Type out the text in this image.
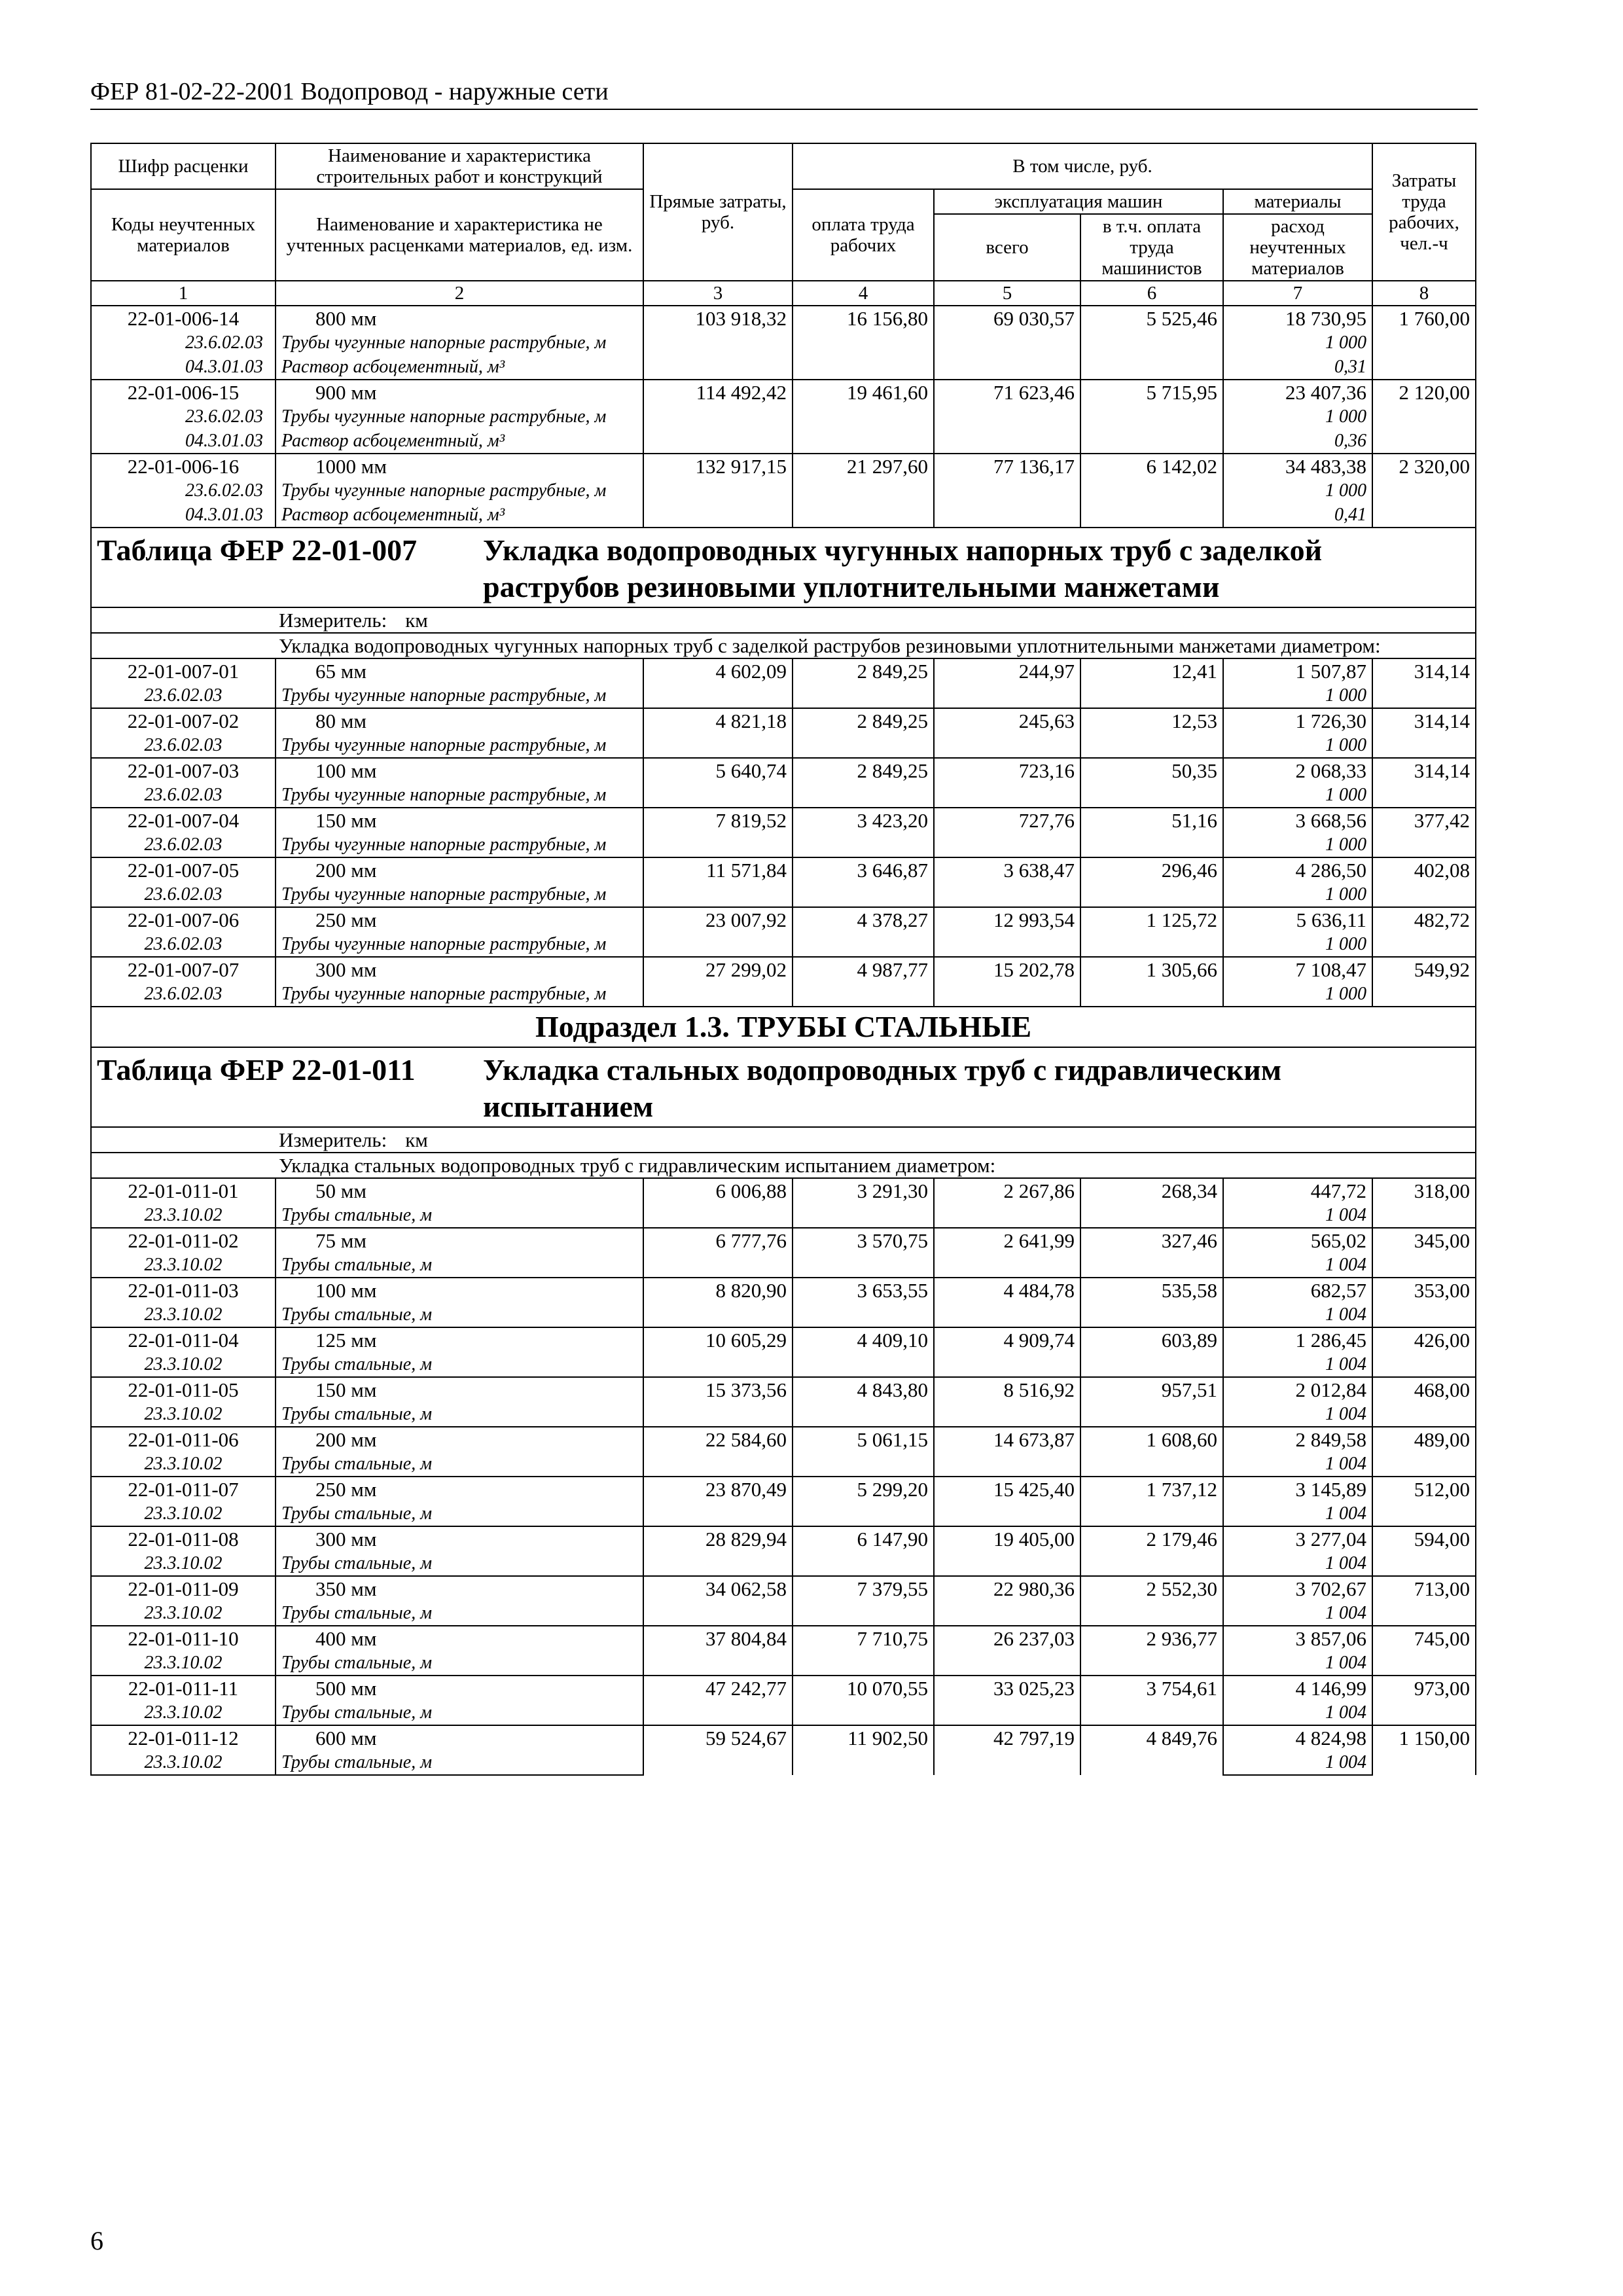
ФЕР 81-02-22-2001 Водопровод - наружные сети
Шифр расценки	Наименование и характеристика строительных работ и конструкций	Прямые затраты, руб.	В том числе, руб.				Затраты труда рабочих, чел.-ч
Коды неучтенных материалов	Наименование и характеристика не учтенных расценками материалов, ед. изм.		оплата труда рабочих	эксплуатация машин		материалы	
				всего	в т.ч. оплата труда машинистов	расход неучтенных материалов	
1	2	3	4	5	6	7	8
22-01-006-14	800 мм	103 918,32	16 156,80	69 030,57	5 525,46	18 730,95	1 760,00
23.6.02.03	Трубы чугунные напорные раструбные, м					1 000	
04.3.01.03	Раствор асбоцементный, м³					0,31	
22-01-006-15	900 мм	114 492,42	19 461,60	71 623,46	5 715,95	23 407,36	2 120,00
23.6.02.03	Трубы чугунные напорные раструбные, м					1 000	
04.3.01.03	Раствор асбоцементный, м³					0,36	
22-01-006-16	1000 мм	132 917,15	21 297,60	77 136,17	6 142,02	34 483,38	2 320,00
23.6.02.03	Трубы чугунные напорные раструбные, м					1 000	
04.3.01.03	Раствор асбоцементный, м³					0,41	
Таблица ФЕР 22-01-007 Укладка водопроводных чугунных напорных труб с заделкой раструбов резиновыми уплотнительными манжетами							
Измеритель: км							
Укладка водопроводных чугунных напорных труб с заделкой раструбов резиновыми уплотнительными манжетами диаметром:							
22-01-007-01	65 мм	4 602,09	2 849,25	244,97	12,41	1 507,87	314,14
23.6.02.03	Трубы чугунные напорные раструбные, м					1 000	
22-01-007-02	80 мм	4 821,18	2 849,25	245,63	12,53	1 726,30	314,14
23.6.02.03	Трубы чугунные напорные раструбные, м					1 000	
22-01-007-03	100 мм	5 640,74	2 849,25	723,16	50,35	2 068,33	314,14
23.6.02.03	Трубы чугунные напорные раструбные, м					1 000	
22-01-007-04	150 мм	7 819,52	3 423,20	727,76	51,16	3 668,56	377,42
23.6.02.03	Трубы чугунные напорные раструбные, м					1 000	
22-01-007-05	200 мм	11 571,84	3 646,87	3 638,47	296,46	4 286,50	402,08
23.6.02.03	Трубы чугунные напорные раструбные, м					1 000	
22-01-007-06	250 мм	23 007,92	4 378,27	12 993,54	1 125,72	5 636,11	482,72
23.6.02.03	Трубы чугунные напорные раструбные, м					1 000	
22-01-007-07	300 мм	27 299,02	4 987,77	15 202,78	1 305,66	7 108,47	549,92
23.6.02.03	Трубы чугунные напорные раструбные, м					1 000	
Подраздел 1.3. ТРУБЫ СТАЛЬНЫЕ							
Таблица ФЕР 22-01-011 Укладка стальных водопроводных труб с гидравлическим испытанием							
Измеритель: км							
Укладка стальных водопроводных труб с гидравлическим испытанием диаметром:							
22-01-011-01	50 мм	6 006,88	3 291,30	2 267,86	268,34	447,72	318,00
23.3.10.02	Трубы стальные, м					1 004	
22-01-011-02	75 мм	6 777,76	3 570,75	2 641,99	327,46	565,02	345,00
23.3.10.02	Трубы стальные, м					1 004	
22-01-011-03	100 мм	8 820,90	3 653,55	4 484,78	535,58	682,57	353,00
23.3.10.02	Трубы стальные, м					1 004	
22-01-011-04	125 мм	10 605,29	4 409,10	4 909,74	603,89	1 286,45	426,00
23.3.10.02	Трубы стальные, м					1 004	
22-01-011-05	150 мм	15 373,56	4 843,80	8 516,92	957,51	2 012,84	468,00
23.3.10.02	Трубы стальные, м					1 004	
22-01-011-06	200 мм	22 584,60	5 061,15	14 673,87	1 608,60	2 849,58	489,00
23.3.10.02	Трубы стальные, м					1 004	
22-01-011-07	250 мм	23 870,49	5 299,20	15 425,40	1 737,12	3 145,89	512,00
23.3.10.02	Трубы стальные, м					1 004	
22-01-011-08	300 мм	28 829,94	6 147,90	19 405,00	2 179,46	3 277,04	594,00
23.3.10.02	Трубы стальные, м					1 004	
22-01-011-09	350 мм	34 062,58	7 379,55	22 980,36	2 552,30	3 702,67	713,00
23.3.10.02	Трубы стальные, м					1 004	
22-01-011-10	400 мм	37 804,84	7 710,75	26 237,03	2 936,77	3 857,06	745,00
23.3.10.02	Трубы стальные, м					1 004	
22-01-011-11	500 мм	47 242,77	10 070,55	33 025,23	3 754,61	4 146,99	973,00
23.3.10.02	Трубы стальные, м					1 004	
22-01-011-12	600 мм	59 524,67	11 902,50	42 797,19	4 849,76	4 824,98	1 150,00
23.3.10.02	Трубы стальные, м					1 004	
6
